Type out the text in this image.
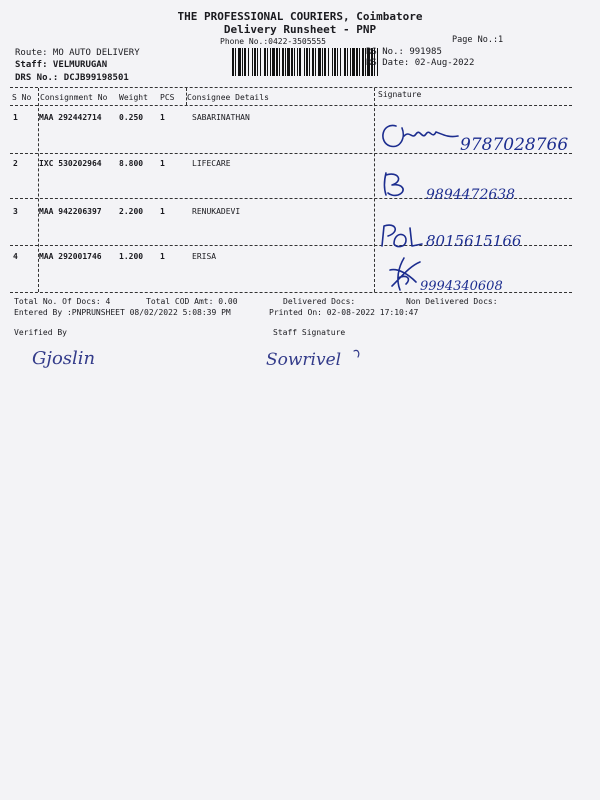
THE PROFESSIONAL COURIERS, Coimbatore
Delivery Runsheet - PNP
Phone No.:0422-3505555	Page No.:1
Route: MO AUTO DELIVERY
Staff: VELMURUGAN
DRS No.: DCJB99198501
RS No.: 991985
RS Date: 02-Aug-2022
S No Consignment No Weight PCS Consignee Details	Signature
1	MAA 292442714 0.250 1	SABARINATHAN
9787028766
2	IXC 530202964 8.800 1	LIFECARE
9894472638
3	MAA 942206397 2.200 1	RENUKADEVI
8015615166
4	MAA 292001746 1.200 1	ERISA
9994340608
Total No. Of Docs: 4	Total COD Amt: 0.00	Delivered Docs:	Non Delivered Docs:
Entered By :PNPRUNSHEET 08/02/2022 5:08:39 PM	Printed On: 02-08-2022 17:10:47
Verified By	Staff Signature
Gjoslin	Sowrivel
